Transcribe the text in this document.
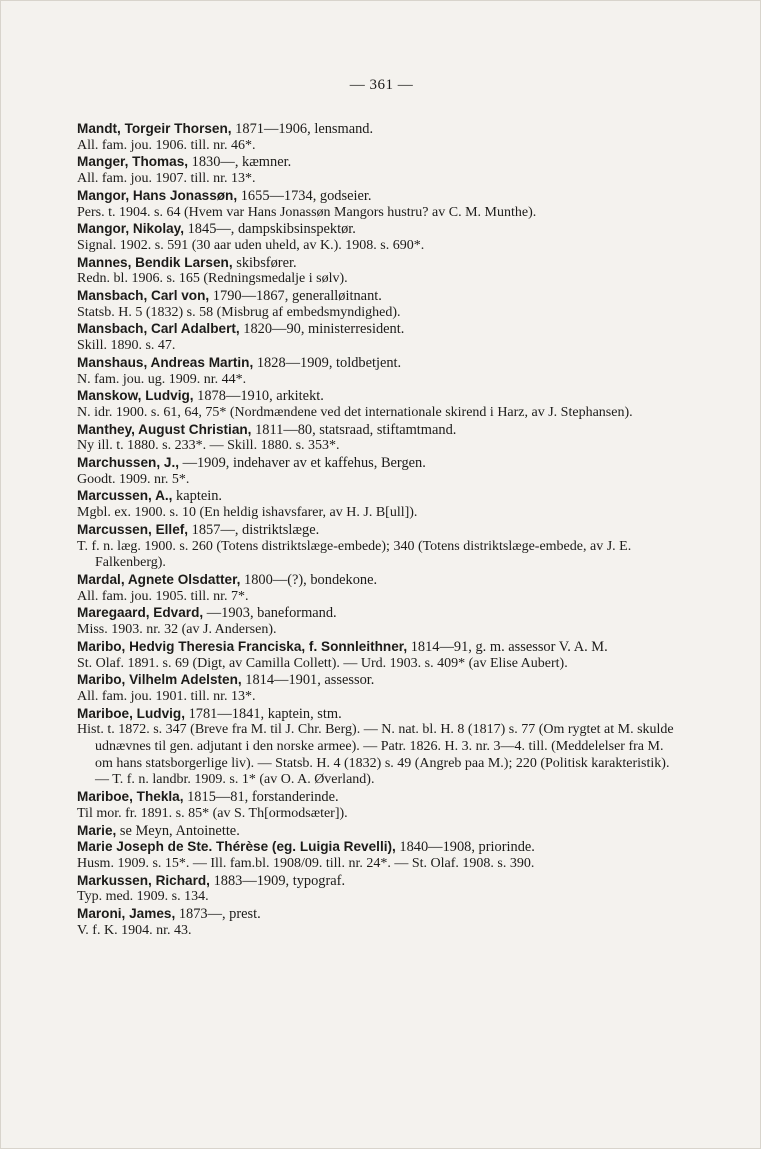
— 361 —
Mandt, Torgeir Thorsen, 1871—1906, lensmand.
All. fam. jou. 1906. till. nr. 46*.
Manger, Thomas, 1830—, kæmner.
All. fam. jou. 1907. till. nr. 13*.
Mangor, Hans Jonassøn, 1655—1734, godseier.
Pers. t. 1904. s. 64 (Hvem var Hans Jonassøn Mangors hustru? av C. M. Munthe).
Mangor, Nikolay, 1845—, dampskibsinspektør.
Signal. 1902. s. 591 (30 aar uden uheld, av K.). 1908. s. 690*.
Mannes, Bendik Larsen, skibsfører.
Redn. bl. 1906. s. 165 (Redningsmedalje i sølv).
Mansbach, Carl von, 1790—1867, generalløitnant.
Statsb. H. 5 (1832) s. 58 (Misbrug af embedsmyndighed).
Mansbach, Carl Adalbert, 1820—90, ministerresident.
Skill. 1890. s. 47.
Manshaus, Andreas Martin, 1828—1909, toldbetjent.
N. fam. jou. ug. 1909. nr. 44*.
Manskow, Ludvig, 1878—1910, arkitekt.
N. idr. 1900. s. 61, 64, 75* (Nordmændene ved det internationale skirend i Harz, av J. Stephansen).
Manthey, August Christian, 1811—80, statsraad, stiftamtmand.
Ny ill. t. 1880. s. 233*. — Skill. 1880. s. 353*.
Marchussen, J., —1909, indehaver av et kaffehus, Bergen.
Goodt. 1909. nr. 5*.
Marcussen, A., kaptein.
Mgbl. ex. 1900. s. 10 (En heldig ishavsfarer, av H. J. B[ull]).
Marcussen, Ellef, 1857—, distriktslæge.
T. f. n. læg. 1900. s. 260 (Totens distriktslæge-embede); 340 (Totens distriktslæge-embede, av J. E. Falkenberg).
Mardal, Agnete Olsdatter, 1800—(?), bondekone.
All. fam. jou. 1905. till. nr. 7*.
Maregaard, Edvard, —1903, baneformand.
Miss. 1903. nr. 32 (av J. Andersen).
Maribo, Hedvig Theresia Franciska, f. Sonnleithner, 1814—91, g. m. assessor V. A. M.
St. Olaf. 1891. s. 69 (Digt, av Camilla Collett). — Urd. 1903. s. 409* (av Elise Aubert).
Maribo, Vilhelm Adelsten, 1814—1901, assessor.
All. fam. jou. 1901. till. nr. 13*.
Mariboe, Ludvig, 1781—1841, kaptein, stm.
Hist. t. 1872. s. 347 (Breve fra M. til J. Chr. Berg). — N. nat. bl. H. 8 (1817) s. 77 (Om rygtet at M. skulde udnævnes til gen. adjutant i den norske armee). — Patr. 1826. H. 3. nr. 3—4. till. (Meddelelser fra M. om hans statsborgerlige liv). — Statsb. H. 4 (1832) s. 49 (Angreb paa M.); 220 (Politisk karakteristik). — T. f. n. landbr. 1909. s. 1* (av O. A. Øverland).
Mariboe, Thekla, 1815—81, forstanderinde.
Til mor. fr. 1891. s. 85* (av S. Th[ormodsæter]).
Marie, se Meyn, Antoinette.
Marie Joseph de Ste. Thérèse (eg. Luigia Revelli), 1840—1908, priorinde.
Husm. 1909. s. 15*. — Ill. fam.bl. 1908/09. till. nr. 24*. — St. Olaf. 1908. s. 390.
Markussen, Richard, 1883—1909, typograf.
Typ. med. 1909. s. 134.
Maroni, James, 1873—, prest.
V. f. K. 1904. nr. 43.
